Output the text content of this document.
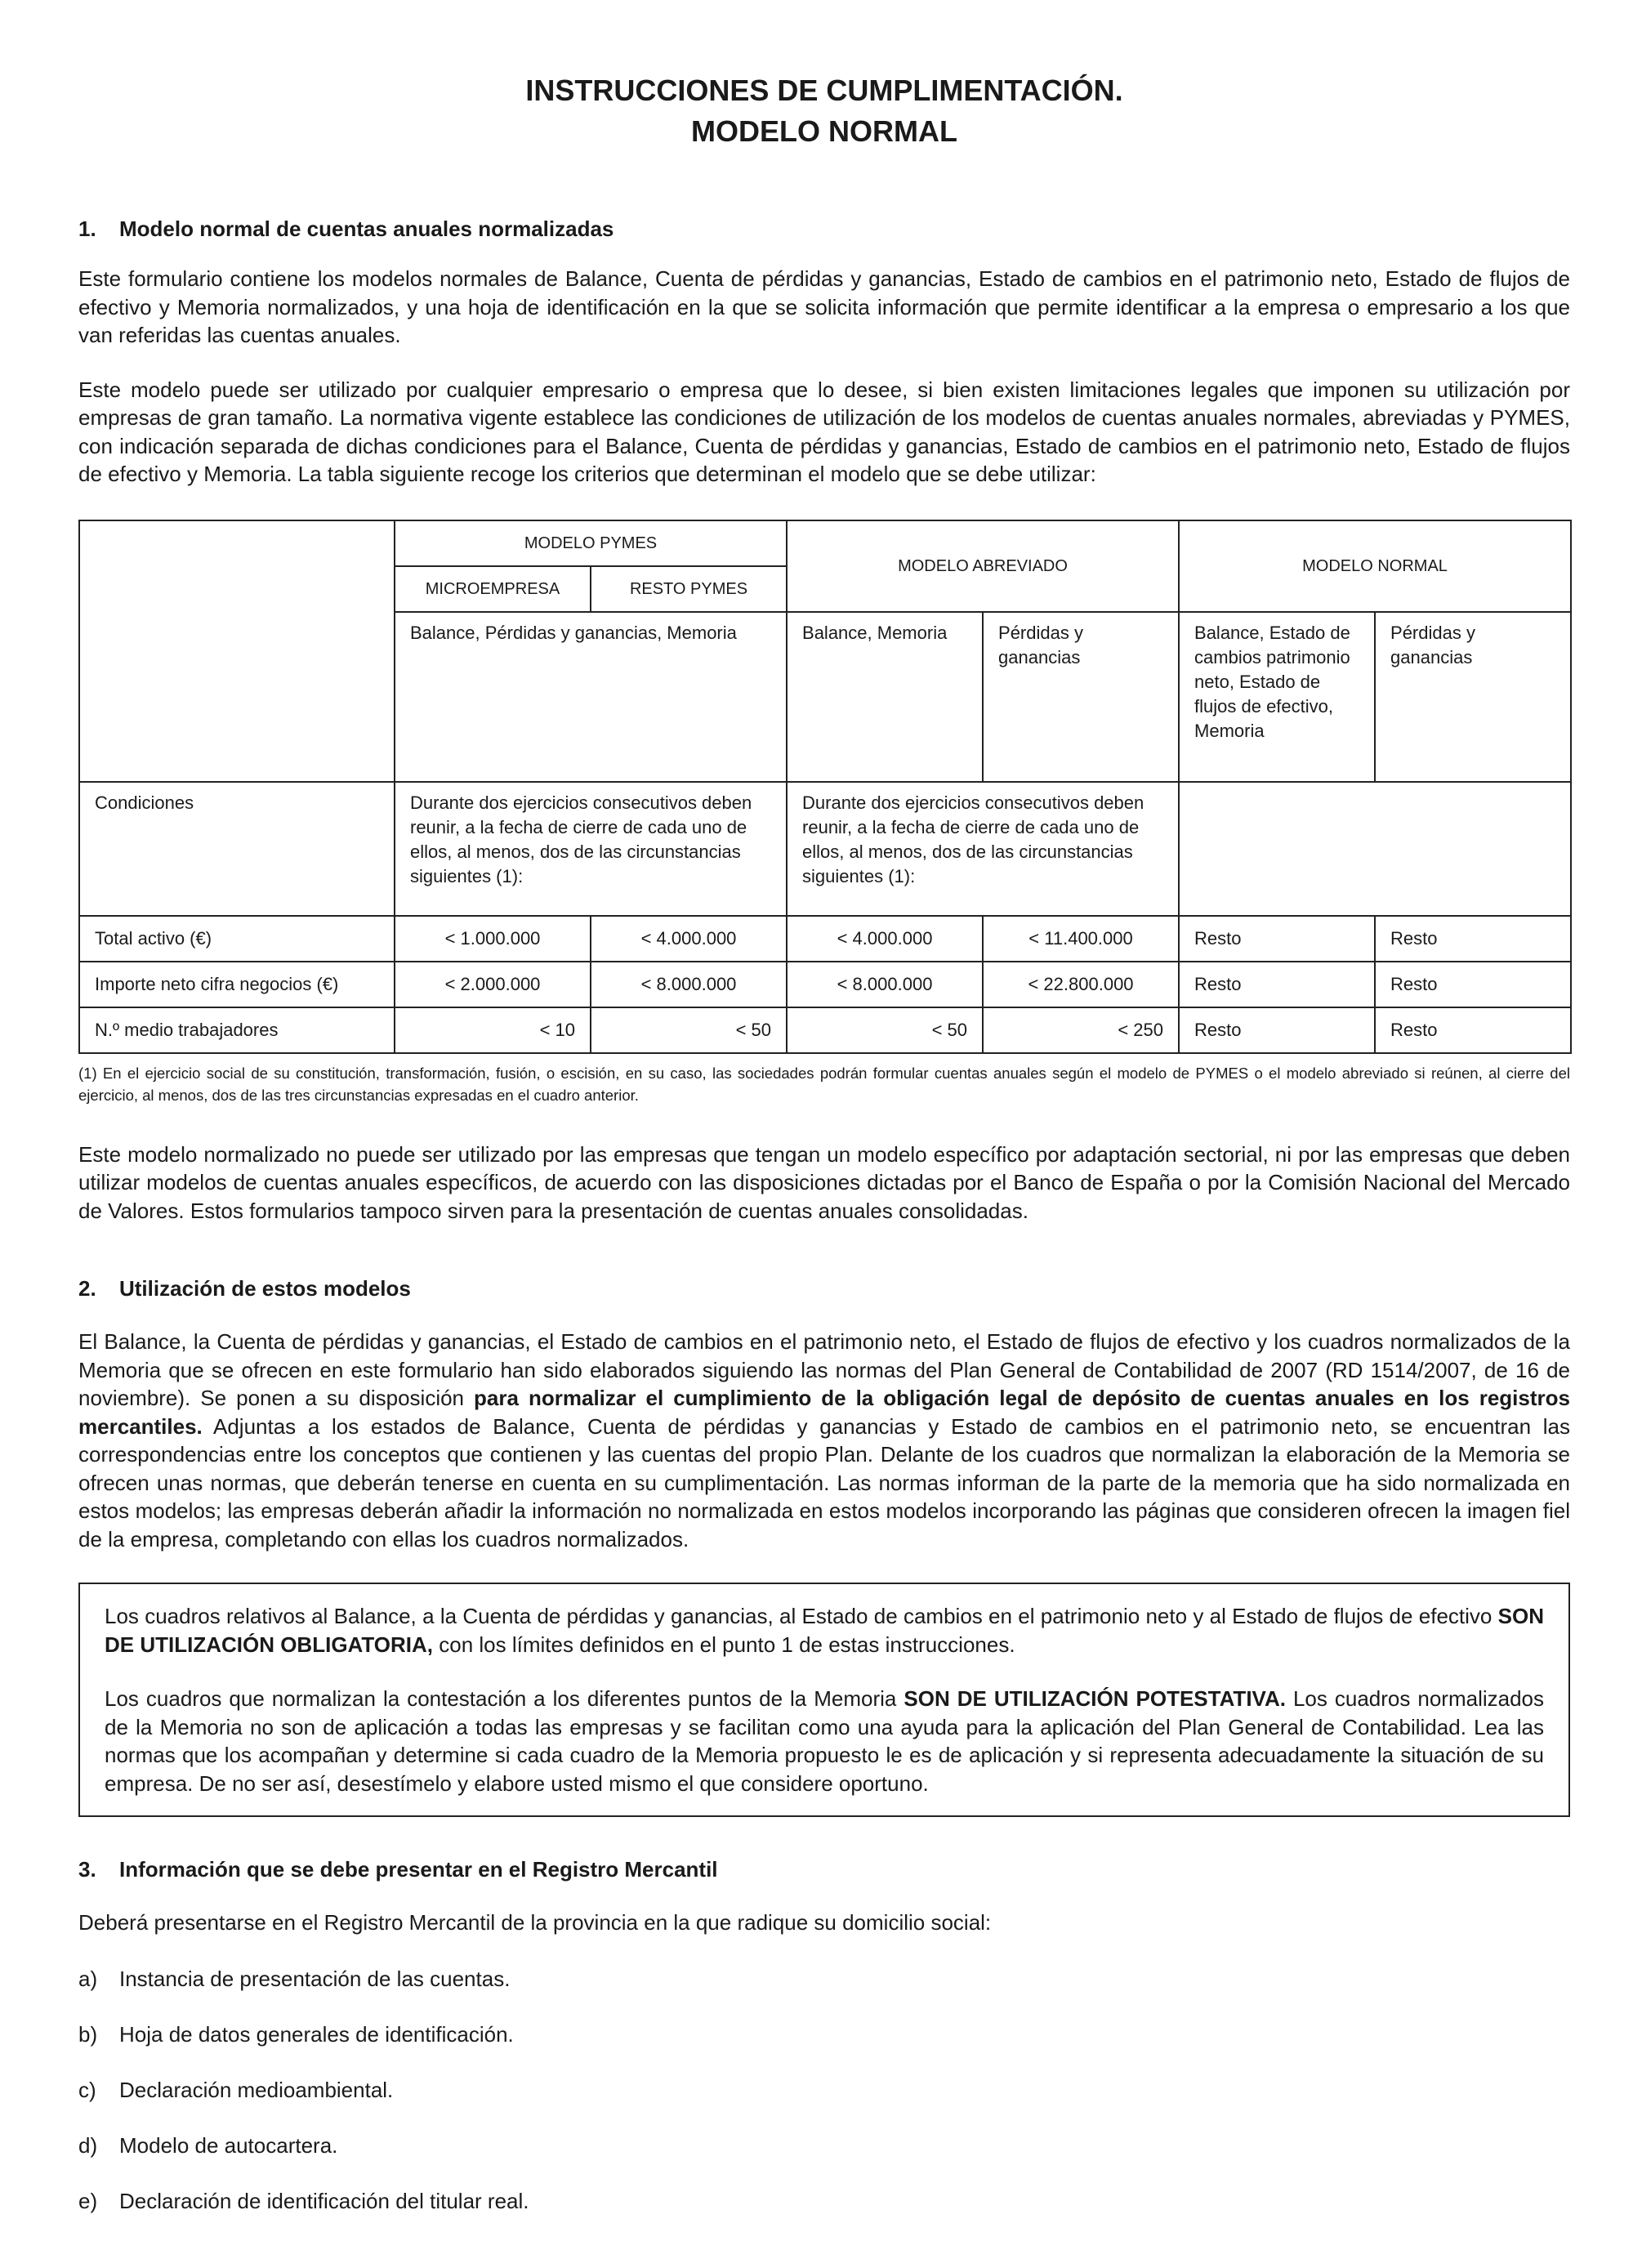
INSTRUCCIONES DE CUMPLIMENTACIÓN.
MODELO NORMAL
1. Modelo normal de cuentas anuales normalizadas

Este formulario contiene los modelos normales de Balance, Cuenta de pérdidas y ganancias, Estado de cambios en el patrimonio neto, Estado de flujos de efectivo y Memoria normalizados, y una hoja de identificación en la que se solicita información que permite identificar a la empresa o empresario a los que van referidas las cuentas anuales.

Este modelo puede ser utilizado por cualquier empresario o empresa que lo desee, si bien existen limitaciones legales que imponen su utilización por empresas de gran tamaño. La normativa vigente establece las condiciones de utilización de los modelos de cuentas anuales normales, abreviadas y PYMES, con indicación separada de dichas condiciones para el Balance, Cuenta de pérdidas y ganancias, Estado de cambios en el patrimonio neto, Estado de flujos de efectivo y Memoria. La tabla siguiente recoge los criterios que determinan el modelo que se debe utilizar:

	MODELO PYMES		MODELO ABREVIADO		MODELO NORMAL	
	MICROEMPRESA	RESTO PYMES				
	Balance, Pérdidas y ganancias, Memoria		Balance, Memoria	Pérdidas y ganancias	Balance, Estado de cambios patrimonio neto, Estado de flujos de efectivo, Memoria	Pérdidas y ganancias
Condiciones	Durante dos ejercicios consecutivos deben reunir, a la fecha de cierre de cada uno de ellos, al menos, dos de las circunstancias siguientes (1):		Durante dos ejercicios consecutivos deben reunir, a la fecha de cierre de cada uno de ellos, al menos, dos de las circunstancias siguientes (1):			
Total activo (€)	< 1.000.000	< 4.000.000	< 4.000.000	< 11.400.000	Resto	Resto
Importe neto cifra negocios (€)	< 2.000.000	< 8.000.000	< 8.000.000	< 22.800.000	Resto	Resto
N.º medio trabajadores	< 10	< 50	< 50	< 250	Resto	Resto

(1) En el ejercicio social de su constitución, transformación, fusión, o escisión, en su caso, las sociedades podrán formular cuentas anuales según el modelo de PYMES o el modelo abreviado si reúnen, al cierre del ejercicio, al menos, dos de las tres circunstancias expresadas en el cuadro anterior.

Este modelo normalizado no puede ser utilizado por las empresas que tengan un modelo específico por adaptación sectorial, ni por las empresas que deben utilizar modelos de cuentas anuales específicos, de acuerdo con las disposiciones dictadas por el Banco de España o por la Comisión Nacional del Mercado de Valores. Estos formularios tampoco sirven para la presentación de cuentas anuales consolidadas.

2. Utilización de estos modelos

El Balance, la Cuenta de pérdidas y ganancias, el Estado de cambios en el patrimonio neto, el Estado de flujos de efectivo y los cuadros normalizados de la Memoria que se ofrecen en este formulario han sido elaborados siguiendo las normas del Plan General de Contabilidad de 2007 (RD 1514/2007, de 16 de noviembre). Se ponen a su disposición para normalizar el cumplimiento de la obligación legal de depósito de cuentas anuales en los registros mercantiles. Adjuntas a los estados de Balance, Cuenta de pérdidas y ganancias y Estado de cambios en el patrimonio neto, se encuentran las correspondencias entre los conceptos que contienen y las cuentas del propio Plan. Delante de los cuadros que normalizan la elaboración de la Memoria se ofrecen unas normas, que deberán tenerse en cuenta en su cumplimentación. Las normas informan de la parte de la memoria que ha sido normalizada en estos modelos; las empresas deberán añadir la información no normalizada en estos modelos incorporando las páginas que consideren ofrecen la imagen fiel de la empresa, completando con ellas los cuadros normalizados.

Los cuadros relativos al Balance, a la Cuenta de pérdidas y ganancias, al Estado de cambios en el patrimonio neto y al Estado de flujos de efectivo SON DE UTILIZACIÓN OBLIGATORIA, con los límites definidos en el punto 1 de estas instrucciones.

Los cuadros que normalizan la contestación a los diferentes puntos de la Memoria SON DE UTILIZACIÓN POTESTATIVA. Los cuadros normalizados de la Memoria no son de aplicación a todas las empresas y se facilitan como una ayuda para la aplicación del Plan General de Contabilidad. Lea las normas que los acompañan y determine si cada cuadro de la Memoria propuesto le es de aplicación y si representa adecuadamente la situación de su empresa. De no ser así, desestímelo y elabore usted mismo el que considere oportuno.

3. Información que se debe presentar en el Registro Mercantil

Deberá presentarse en el Registro Mercantil de la provincia en la que radique su domicilio social:

a) Instancia de presentación de las cuentas.
b) Hoja de datos generales de identificación.
c) Declaración medioambiental.
d) Modelo de autocartera.
e) Declaración de identificación del titular real.
